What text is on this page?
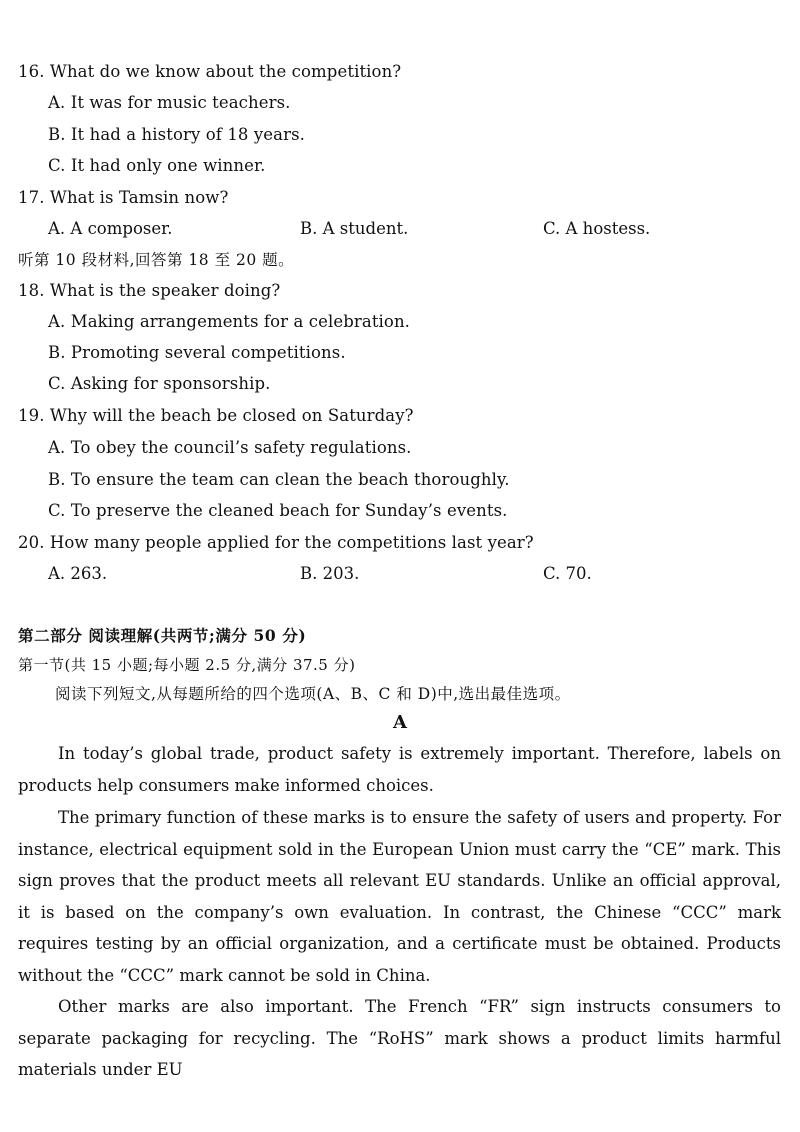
16. What do we know about the competition?
A. It was for music teachers.
B. It had a history of 18 years.
C. It had only one winner.
17. What is Tamsin now?
A. A composer.	B. A student.	C. A hostess.
听第 10 段材料,回答第 18 至 20 题。
18. What is the speaker doing?
A. Making arrangements for a celebration.
B. Promoting several competitions.
C. Asking for sponsorship.
19. Why will the beach be closed on Saturday?
A. To obey the council’s safety regulations.
B. To ensure the team can clean the beach thoroughly.
C. To preserve the cleaned beach for Sunday’s events.
20. How many people applied for the competitions last year?
A. 263.	B. 203.	C. 70.
第二部分 阅读理解(共两节;满分 50 分)
第一节(共 15 小题;每小题 2.5 分,满分 37.5 分)
阅读下列短文,从每题所给的四个选项(A、B、C 和 D)中,选出最佳选项。
A
In today’s global trade, product safety is extremely important. Therefore, labels on products help consumers make informed choices.
The primary function of these marks is to ensure the safety of users and property. For instance, electrical equipment sold in the European Union must carry the “CE” mark. This sign proves that the product meets all relevant EU standards. Unlike an official approval, it is based on the company’s own evaluation. In contrast, the Chinese “CCC” mark requires testing by an official organization, and a certificate must be obtained. Products without the “CCC” mark cannot be sold in China.
Other marks are also important. The French “FR” sign instructs consumers to separate packaging for recycling. The “RoHS” mark shows a product limits harmful materials under EU
